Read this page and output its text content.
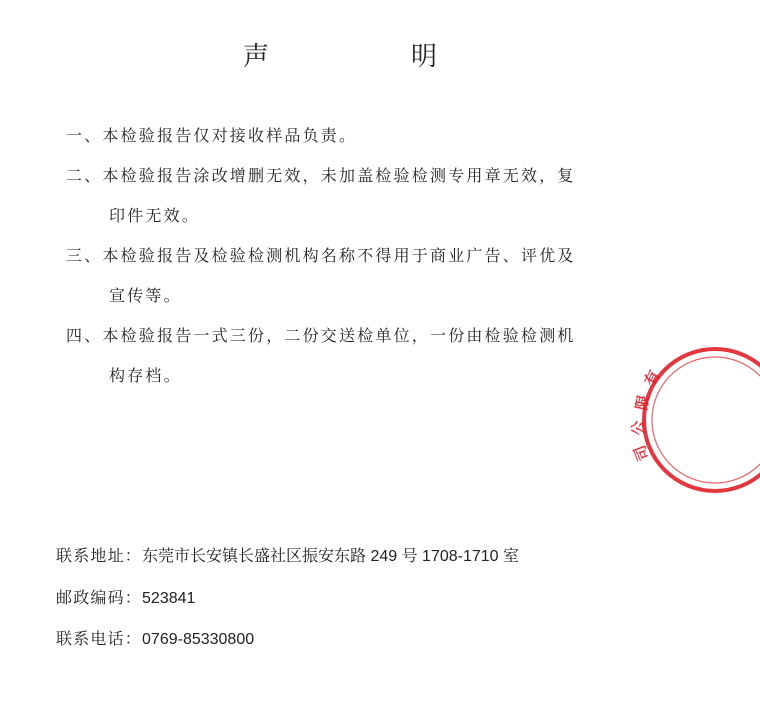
声　明
一、本检验报告仅对接收样品负责。
二、本检验报告涂改增删无效，未加盖检验检测专用章无效，复
印件无效。
三、本检验报告及检验检测机构名称不得用于商业广告、评优及
宣传等。
四、本检验报告一式三份，二份交送检单位，一份由检验检测机
构存档。
联系地址：东莞市长安镇长盛社区振安东路 249 号 1708-1710 室
邮政编码：523841
联系电话：0769-85330800
有
限
公
司
